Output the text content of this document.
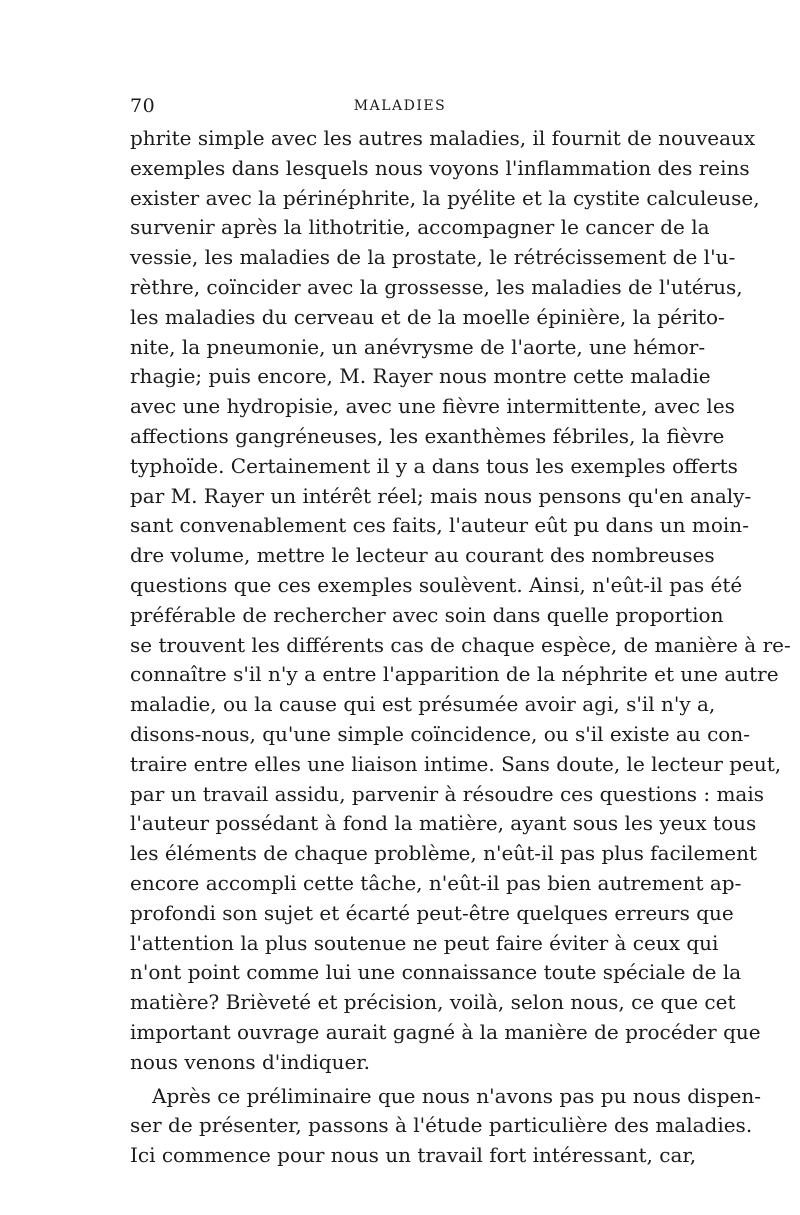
70	MALADIES
phrite simple avec les autres maladies, il fournit de nouveaux
exemples dans lesquels nous voyons l'inflammation des reins
exister avec la périnéphrite, la pyélite et la cystite calculeuse,
survenir après la lithotritie, accompagner le cancer de la
vessie, les maladies de la prostate, le rétrécissement de l'u-
rèthre, coïncider avec la grossesse, les maladies de l'utérus,
les maladies du cerveau et de la moelle épinière, la périto-
nite, la pneumonie, un anévrysme de l'aorte, une hémor-
rhagie; puis encore, M. Rayer nous montre cette maladie
avec une hydropisie, avec une fièvre intermittente, avec les
affections gangréneuses, les exanthèmes fébriles, la fièvre
typhoïde. Certainement il y a dans tous les exemples offerts
par M. Rayer un intérêt réel; mais nous pensons qu'en analy-
sant convenablement ces faits, l'auteur eût pu dans un moin-
dre volume, mettre le lecteur au courant des nombreuses
questions que ces exemples soulèvent. Ainsi, n'eût-il pas été
préférable de rechercher avec soin dans quelle proportion
se trouvent les différents cas de chaque espèce, de manière à re-
connaître s'il n'y a entre l'apparition de la néphrite et une autre
maladie, ou la cause qui est présumée avoir agi, s'il n'y a,
disons-nous, qu'une simple coïncidence, ou s'il existe au con-
traire entre elles une liaison intime. Sans doute, le lecteur peut,
par un travail assidu, parvenir à résoudre ces questions : mais
l'auteur possédant à fond la matière, ayant sous les yeux tous
les éléments de chaque problème, n'eût-il pas plus facilement
encore accompli cette tâche, n'eût-il pas bien autrement ap-
profondi son sujet et écarté peut-être quelques erreurs que
l'attention la plus soutenue ne peut faire éviter à ceux qui
n'ont point comme lui une connaissance toute spéciale de la
matière? Brièveté et précision, voilà, selon nous, ce que cet
important ouvrage aurait gagné à la manière de procéder que
nous venons d'indiquer.
Après ce préliminaire que nous n'avons pas pu nous dispen-
ser de présenter, passons à l'étude particulière des maladies.
Ici commence pour nous un travail fort intéressant, car,
